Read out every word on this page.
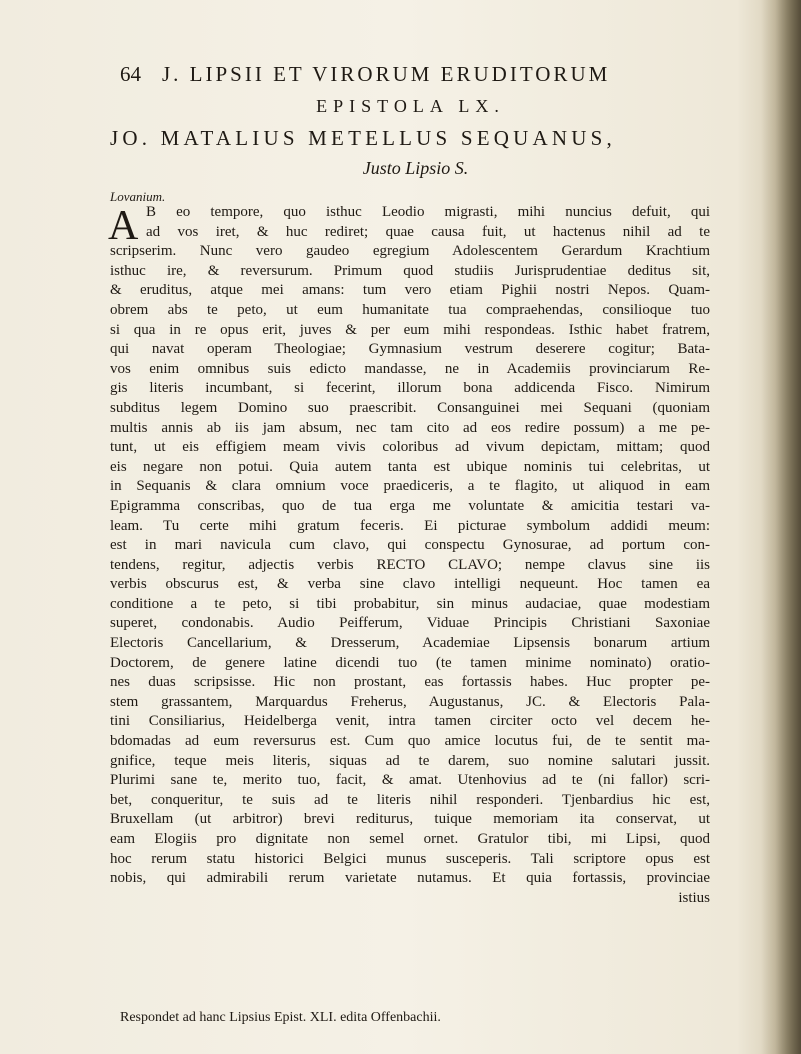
64 J. LIPSII ET VIRORUM ERUDITORUM
EPISTOLA LX.
JO. MATALIUS METELLUS SEQUANUS,
Justo Lipsio S.
Lovanium.
A B eo tempore, quo isthuc Leodio migrasti, mihi nuncius defuit, qui
ad vos iret, & huc rediret; quae causa fuit, ut hactenus nihil ad te
scripserim. Nunc vero gaudeo egregium Adolescentem Gerardum Krachtium
isthuc ire, & reversurum. Primum quod studiis Jurisprudentiae deditus sit,
& eruditus, atque mei amans: tum vero etiam Pighii nostri Nepos. Quam-
obrem abs te peto, ut eum humanitate tua compraehendas, consilioque tuo
si qua in re opus erit, juves & per eum mihi respondeas. Isthic habet fratrem,
qui navat operam Theologiae; Gymnasium vestrum deserere cogitur; Bata-
vos enim omnibus suis edicto mandasse, ne in Academiis provinciarum Re-
gis literis incumbant, si fecerint, illorum bona addicenda Fisco. Nimirum
subditus legem Domino suo praescribit. Consanguinei mei Sequani (quoniam
multis annis ab iis jam absum, nec tam cito ad eos redire possum) a me pe-
tunt, ut eis effigiem meam vivis coloribus ad vivum depictam, mittam; quod
eis negare non potui. Quia autem tanta est ubique nominis tui celebritas, ut
in Sequanis & clara omnium voce praediceris, a te flagito, ut aliquod in eam
Epigramma conscribas, quo de tua erga me voluntate & amicitia testari va-
leam. Tu certe mihi gratum feceris. Ei picturae symbolum addidi meum:
est in mari navicula cum clavo, qui conspectu Gynosurae, ad portum con-
tendens, regitur, adjectis verbis RECTO CLAVO; nempe clavus sine iis
verbis obscurus est, & verba sine clavo intelligi nequeunt. Hoc tamen ea
conditione a te peto, si tibi probabitur, sin minus audaciae, quae modestiam
superet, condonabis. Audio Peifferum, Viduae Principis Christiani Saxoniae
Electoris Cancellarium, & Dresserum, Academiae Lipsensis bonarum artium
Doctorem, de genere latine dicendi tuo (te tamen minime nominato) oratio-
nes duas scripsisse. Hic non prostant, eas fortassis habes. Huc propter pe-
stem grassantem, Marquardus Freherus, Augustanus, JC. & Electoris Pala-
tini Consiliarius, Heidelberga venit, intra tamen circiter octo vel decem he-
bdomadas ad eum reversurus est. Cum quo amice locutus fui, de te sentit ma-
gnifice, teque meis literis, siquas ad te darem, suo nomine salutari jussit.
Plurimi sane te, merito tuo, facit, & amat. Utenhovius ad te (ni fallor) scri-
bet, conqueritur, te suis ad te literis nihil responderi. Tjenbardius hic est,
Bruxellam (ut arbitror) brevi rediturus, tuique memoriam ita conservat, ut
eam Elogiis pro dignitate non semel ornet. Gratulor tibi, mi Lipsi, quod
hoc rerum statu historici Belgici munus susceperis. Tali scriptore opus est
nobis, qui admirabili rerum varietate nutamus. Et quia fortassis, provinciae
istius
Respondet ad hanc Lipsius Epist. XLI. edita Offenbachii.
